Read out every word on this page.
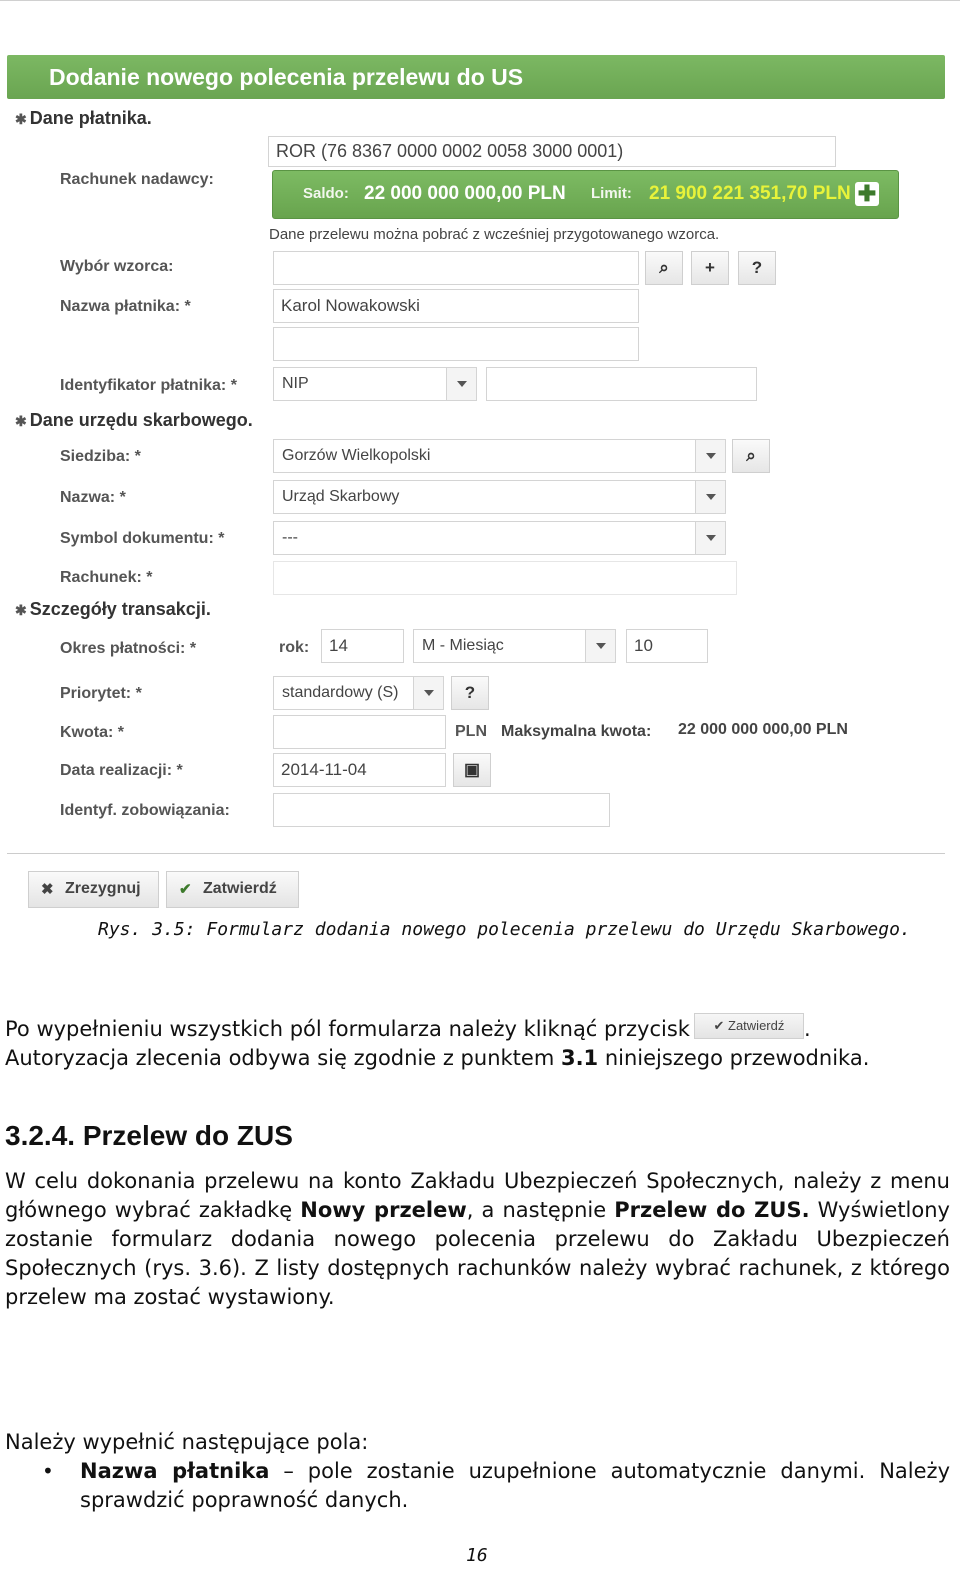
Dodanie nowego polecenia przelewu do US
✱ Dane płatnika.
Rachunek nadawcy:
ROR (76 8367 0000 0002 0058 3000 0001)
Saldo: 22 000 000 000,00 PLN Limit: 21 900 221 351,70 PLN ✚
Dane przelewu można pobrać z wcześniej przygotowanego wzorca.
Wybór wzorca:	⌕	+	?
Nazwa płatnika: *	Karol Nowakowski
Identyfikator płatnika: *	NIP
✱ Dane urzędu skarbowego.
Siedziba: *	Gorzów Wielkopolski	⌕
Nazwa: *	Urząd Skarbowy
Symbol dokumentu: *	---
Rachunek: *
✱ Szczegóły transakcji.
Okres płatności: *	rok:	14	M - Miesiąc	10
Priorytet: *	standardowy (S)	?
Kwota: *	PLN Maksymalna kwota: 22 000 000 000,00 PLN
Data realizacji: *	2014-11-04	▣
Identyf. zobowiązania:
✖ Zrezygnuj	✔ Zatwierdź
Rys. 3.5: Formularz dodania nowego polecenia przelewu do Urzędu Skarbowego.
Po wypełnieniu wszystkich pól formularza należy kliknąć przycisk ✔ Zatwierdź .
Autoryzacja zlecenia odbywa się zgodnie z punktem 3.1 niniejszego przewodnika.
3.2.4. Przelew do ZUS
W celu dokonania przelewu na konto Zakładu Ubezpieczeń Społecznych, należy z menu głównego wybrać zakładkę Nowy przelew, a następnie Przelew do ZUS. Wyświetlony zostanie formularz dodania nowego polecenia przelewu do Zakładu Ubezpieczeń Społecznych (rys. 3.6). Z listy dostępnych rachunków należy wybrać rachunek, z którego przelew ma zostać wystawiony.
Należy wypełnić następujące pola:
• Nazwa płatnika – pole zostanie uzupełnione automatycznie danymi. Należy sprawdzić poprawność danych.
16
